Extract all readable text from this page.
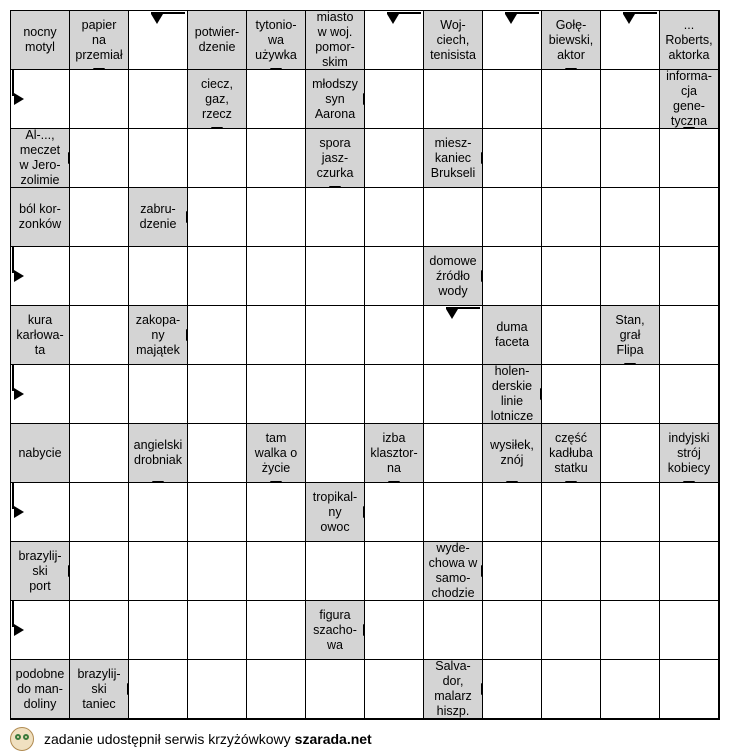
nocny
motyl
papier
na
przemiał
potwier-
dzenie
tytonio-
wa
używka
miasto
w woj.
pomor-
skim
Woj-
ciech,
tenisista
Gołę-
biewski,
aktor
...
Roberts,
aktorka
ciecz,
gaz,
rzecz
młodszy
syn
Aarona
informa-
cja
gene-
tyczna
Al-...,
meczet
w Jero-
zolimie
spora
jasz-
czurka
miesz-
kaniec
Brukseli
ból kor-
zonków
zabru-
dzenie
domowe
źródło
wody
kura
karłowa-
ta
zakopa-
ny
majątek
duma
faceta
Stan,
grał
Flipa
holen-
derskie
linie
lotnicze
nabycie
angielski
drobniak
tam
walka o
życie
izba
klasztor-
na
wysiłek,
znój
część
kadłuba
statku
indyjski
strój
kobiecy
tropikal-
ny
owoc
brazylij-
ski
port
wyde-
chowa w
samo-
chodzie
figura
szacho-
wa
podobne
do man-
doliny
brazylij-
ski
taniec
Salva-
dor,
malarz
hiszp.
zadanie udostępnił serwis krzyżówkowy szarada.net
